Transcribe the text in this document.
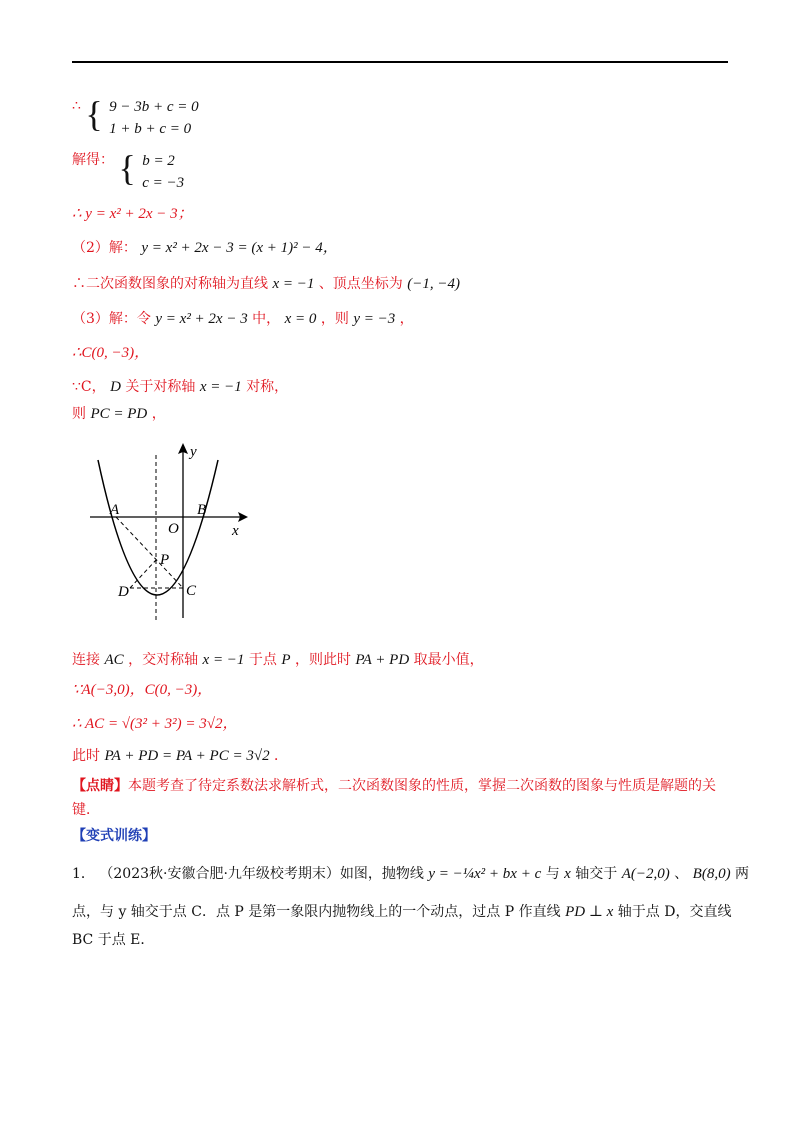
∴ { 9 − 3b + c = 0
1 + b + c = 0
解得： { b = 2
c = −3
∴ y = x² + 2x − 3；
（2）解： y = x² + 2x − 3 = (x + 1)² − 4，
∴二次函数图象的对称轴为直线 x = −1 、顶点坐标为 (−1, −4)
（3）解：令 y = x² + 2x − 3 中， x = 0 ，则 y = −3 ，
∴C(0, −3)，
∵C， D 关于对称轴 x = −1 对称，
则 PC = PD ，
y
x
O
A	B
C
D
P
连接 AC ，交对称轴 x = −1 于点 P ，则此时 PA + PD 取最小值，
∵A(−3,0)，C(0, −3)，
∴ AC = √(3² + 3²) = 3√2，
此时 PA + PD = PA + PC = 3√2 ．
【点睛】本题考查了待定系数法求解析式，二次函数图象的性质，掌握二次函数的图象与性质是解题的关
键．
【变式训练】
1． （2023秋·安徽合肥·九年级校考期末）如图，抛物线 y = −¼x² + bx + c 与 x 轴交于 A(−2,0) 、 B(8,0) 两
点，与 y 轴交于点 C．点 P 是第一象限内抛物线上的一个动点，过点 P 作直线 PD ⊥ x 轴于点 D，交直线
BC 于点 E．
